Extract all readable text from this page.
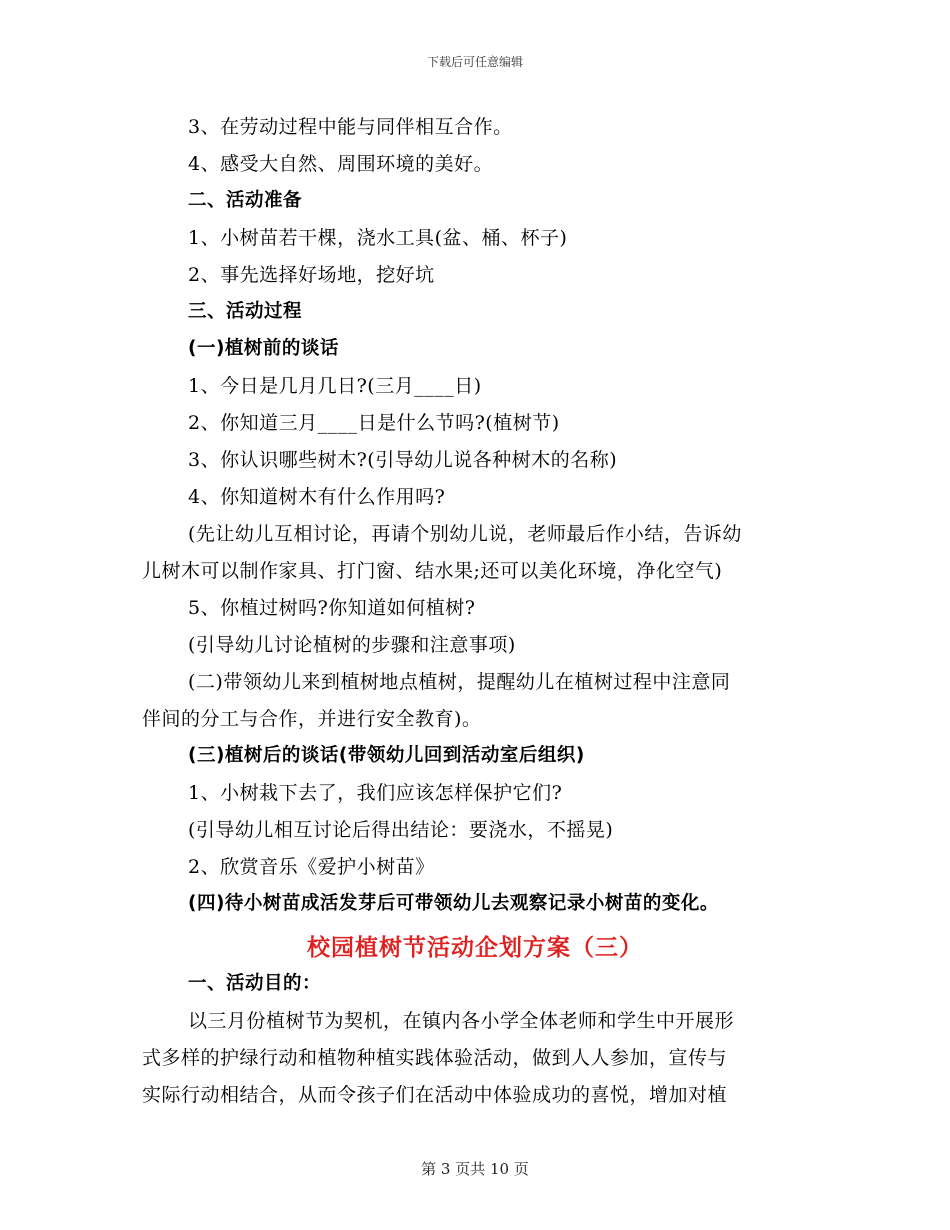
下载后可任意编辑
3、在劳动过程中能与同伴相互合作。
4、感受大自然、周围环境的美好。
二、活动准备
1、小树苗若干棵，浇水工具(盆、桶、杯子)
2、事先选择好场地，挖好坑
三、活动过程
(一)植树前的谈话
1、今日是几月几日?(三月____日)
2、你知道三月____日是什么节吗?(植树节)
3、你认识哪些树木?(引导幼儿说各种树木的名称)
4、你知道树木有什么作用吗?
(先让幼儿互相讨论，再请个别幼儿说，老师最后作小结，告诉幼
儿树木可以制作家具、打门窗、结水果;还可以美化环境，净化空气)
5、你植过树吗?你知道如何植树?
(引导幼儿讨论植树的步骤和注意事项)
(二)带领幼儿来到植树地点植树，提醒幼儿在植树过程中注意同
伴间的分工与合作，并进行安全教育)。
(三)植树后的谈话(带领幼儿回到活动室后组织)
1、小树栽下去了，我们应该怎样保护它们?
(引导幼儿相互讨论后得出结论：要浇水，不摇晃)
2、欣赏音乐《爱护小树苗》
(四)待小树苗成活发芽后可带领幼儿去观察记录小树苗的变化。
校园植树节活动企划方案（三）
一、活动目的：
以三月份植树节为契机，在镇内各小学全体老师和学生中开展形
式多样的护绿行动和植物种植实践体验活动，做到人人参加，宣传与
实际行动相结合，从而令孩子们在活动中体验成功的喜悦，增加对植
第 3 页共 10 页
